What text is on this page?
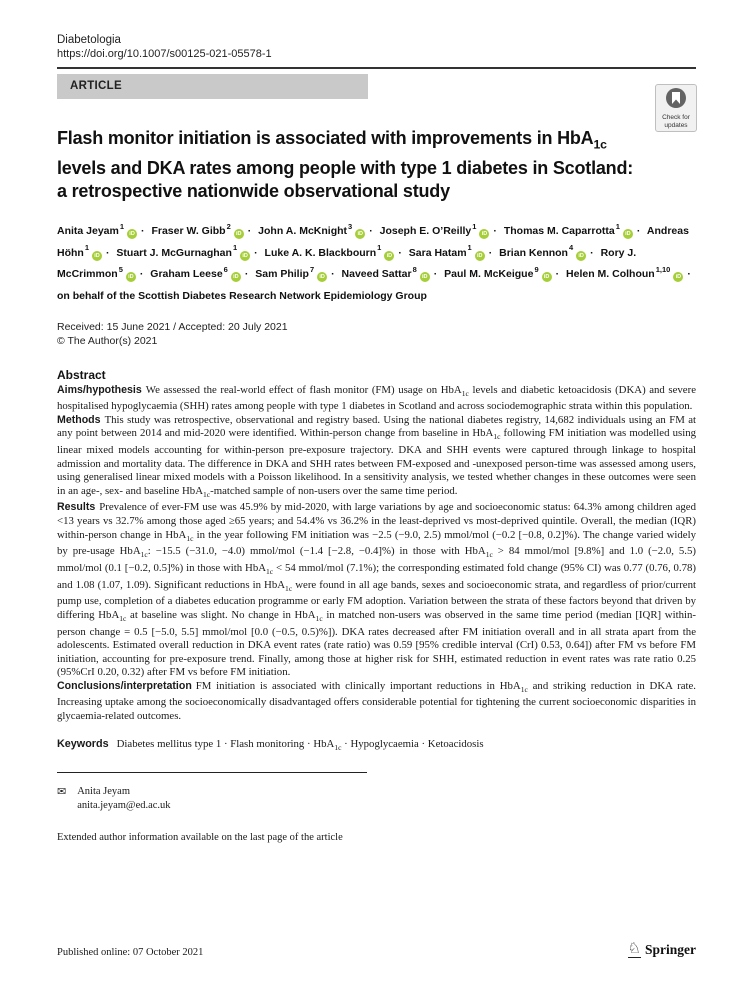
Diabetologia
https://doi.org/10.1007/s00125-021-05578-1
ARTICLE
Check for
updates
Flash monitor initiation is associated with improvements in HbA$_{1c}$
levels and DKA rates among people with type 1 diabetes in Scotland:
a retrospective nationwide observational study
Anita Jeyam$^1$iD · Fraser W. Gibb$^2$iD · John A. McKnight$^3$iD · Joseph E. O’Reilly$^1$iD · Thomas M. Caparrotta$^1$iD · Andreas Höhn$^1$iD · Stuart J. McGurnaghan$^1$iD · Luke A. K. Blackbourn$^1$iD · Sara Hatam$^1$iD · Brian Kennon$^4$iD · Rory J. McCrimmon$^5$iD · Graham Leese$^6$iD · Sam Philip$^7$iD · Naveed Sattar$^8$iD · Paul M. McKeigue$^9$iD · Helen M. Colhoun$^{1,10}$iD · on behalf of the Scottish Diabetes Research Network Epidemiology Group
Received: 15 June 2021 / Accepted: 20 July 2021
© The Author(s) 2021
Abstract

Aims/hypothesis We assessed the real-world effect of flash monitor (FM) usage on HbA$_{1c}$ levels and diabetic ketoacidosis (DKA) and severe hospitalised hypoglycaemia (SHH) rates among people with type 1 diabetes in Scotland and across sociodemographic strata within this population.

Methods This study was retrospective, observational and registry based. Using the national diabetes registry, 14,682 individuals using an FM at any point between 2014 and mid-2020 were identified. Within-person change from baseline in HbA$_{1c}$ following FM initiation was modelled using linear mixed models accounting for within-person pre-exposure trajectory. DKA and SHH events were captured through linkage to hospital admission and mortality data. The difference in DKA and SHH rates between FM-exposed and -unexposed person-time was assessed among users, using generalised linear mixed models with a Poisson likelihood. In a sensitivity analysis, we tested whether changes in these outcomes were seen in an age-, sex- and baseline HbA$_{1c}$-matched sample of non-users over the same time period.

Results Prevalence of ever-FM use was 45.9% by mid-2020, with large variations by age and socioeconomic status: 64.3% among children aged <13 years vs 32.7% among those aged ≥65 years; and 54.4% vs 36.2% in the least-deprived vs most-deprived quintile. Overall, the median (IQR) within-person change in HbA$_{1c}$ in the year following FM initiation was −2.5 (−9.0, 2.5) mmol/mol (−0.2 [−0.8, 0.2]%). The change varied widely by pre-usage HbA$_{1c}$: −15.5 (−31.0, −4.0) mmol/mol (−1.4 [−2.8, −0.4]%) in those with HbA$_{1c}$ > 84 mmol/mol [9.8%] and 1.0 (−2.0, 5.5) mmol/mol (0.1 [−0.2, 0.5]%) in those with HbA$_{1c}$ < 54 mmol/mol (7.1%); the corresponding estimated fold change (95% CI) was 0.77 (0.76, 0.78) and 1.08 (1.07, 1.09). Significant reductions in HbA$_{1c}$ were found in all age bands, sexes and socioeconomic strata, and regardless of prior/current pump use, completion of a diabetes education programme or early FM adoption. Variation between the strata of these factors beyond that driven by differing HbA$_{1c}$ at baseline was slight. No change in HbA$_{1c}$ in matched non-users was observed in the same time period (median [IQR] within-person change = 0.5 [−5.0, 5.5] mmol/mol [0.0 (−0.5, 0.5)%]). DKA rates decreased after FM initiation overall and in all strata apart from the adolescents. Estimated overall reduction in DKA event rates (rate ratio) was 0.59 [95% credible interval (CrI) 0.53, 0.64]) after FM vs before FM initiation, accounting for pre-exposure trend. Finally, among those at higher risk for SHH, estimated reduction in event rates was rate ratio 0.25 (95%CrI 0.20, 0.32) after FM vs before FM initiation.

Conclusions/interpretation FM initiation is associated with clinically important reductions in HbA$_{1c}$ and striking reduction in DKA rate. Increasing uptake among the socioeconomically disadvantaged offers considerable potential for tightening the current socioeconomic disparities in glycaemia-related outcomes.

Keywords Diabetes mellitus type 1 · Flash monitoring · HbA$_{1c}$ · Hypoglycaemia · Ketoacidosis
✉ Anita Jeyam
anita.jeyam@ed.ac.uk
Extended author information available on the last page of the article
Published online: 07 October 2021	♘ Springer
